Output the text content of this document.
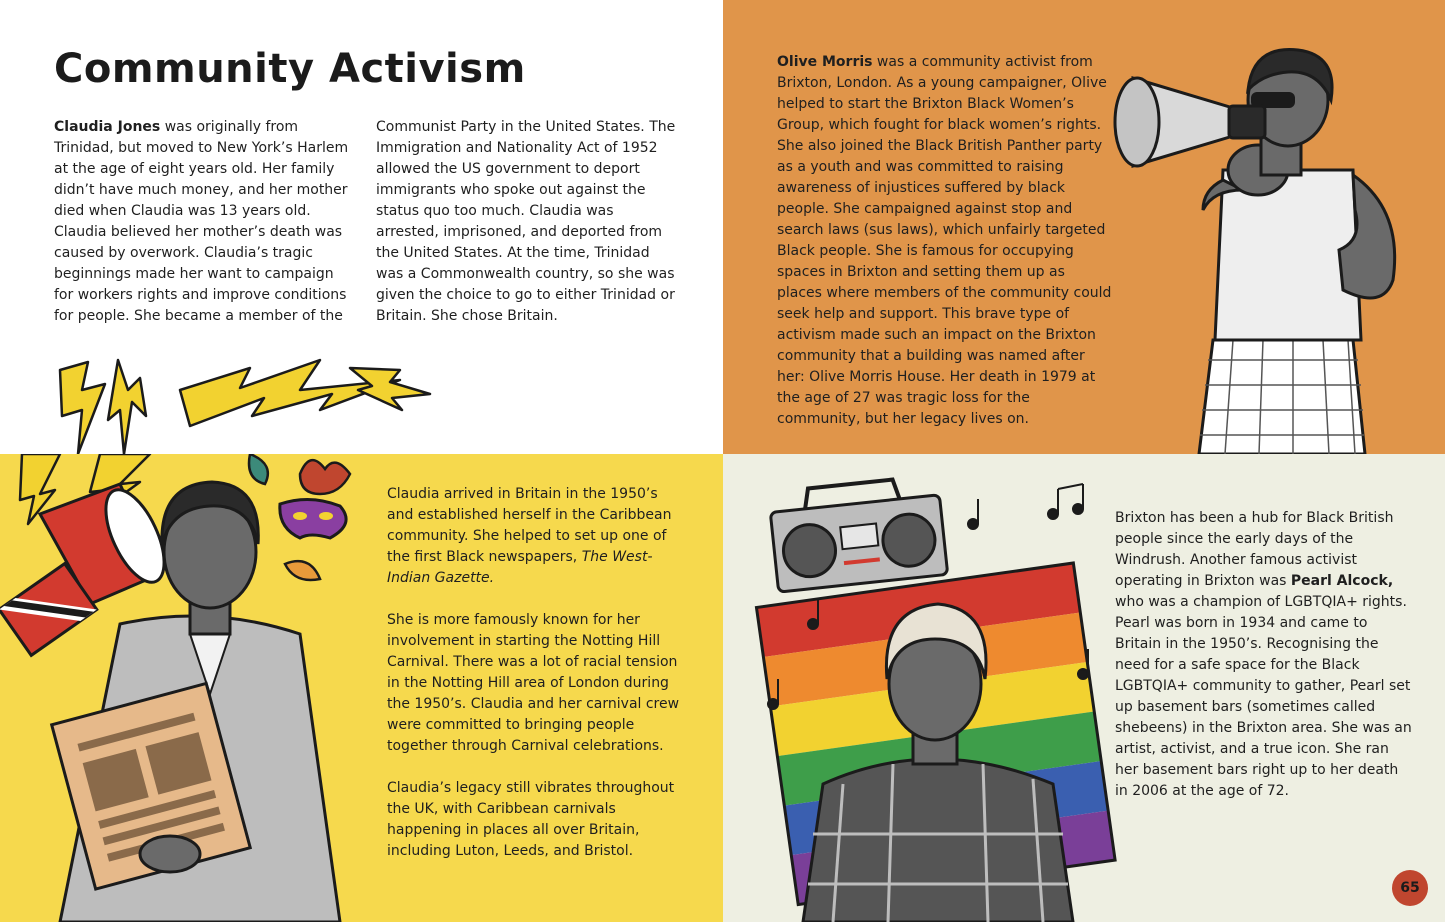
Community Activism
Claudia Jones was originally from Trinidad, but moved to New York’s Harlem at the age of eight years old. Her family didn’t have much money, and her mother died when Claudia was 13 years old. Claudia believed her mother’s death was caused by overwork. Claudia’s tragic beginnings made her want to campaign for workers rights and improve conditions for people. She became a member of the
Communist Party in the United States. The Immigration and Nationality Act of 1952 allowed the US government to deport immigrants who spoke out against the status quo too much. Claudia was arrested, imprisoned, and deported from the United States. At the time, Trinidad was a Commonwealth country, so she was given the choice to go to either Trinidad or Britain. She chose Britain.
Olive Morris was a community activist from Brixton, London. As a young campaigner, Olive helped to start the Brixton Black Women’s Group, which fought for black women’s rights. She also joined the Black British Panther party as a youth and was committed to raising awareness of injustices suffered by black people. She campaigned against stop and search laws (sus laws), which unfairly targeted Black people. She is famous for occupying spaces in Brixton and setting them up as places where members of the community could seek help and support. This brave type of activism made such an impact on the Brixton community that a building was named after her: Olive Morris House. Her death in 1979 at the age of 27 was tragic loss for the community, but her legacy lives on.

Claudia arrived in Britain in the 1950’s and established herself in the Caribbean community. She helped to set up one of the first Black newspapers, The West-Indian Gazette.

She is more famously known for her involvement in starting the Notting Hill Carnival. There was a lot of racial tension in the Notting Hill area of London during the 1950’s. Claudia and her carnival crew were committed to bringing people together through Carnival celebrations.

Claudia’s legacy still vibrates throughout the UK, with Caribbean carnivals happening in places all over Britain, including Luton, Leeds, and Bristol.

Brixton has been a hub for Black British people since the early days of the Windrush. Another famous activist operating in Brixton was Pearl Alcock, who was a champion of LGBTQIA+ rights. Pearl was born in 1934 and came to Britain in the 1950’s. Recognising the need for a safe space for the Black LGBTQIA+ community to gather, Pearl set up basement bars (sometimes called shebeens) in the Brixton area. She was an artist, activist, and a true icon. She ran her basement bars right up to her death in 2006 at the age of 72.
65
